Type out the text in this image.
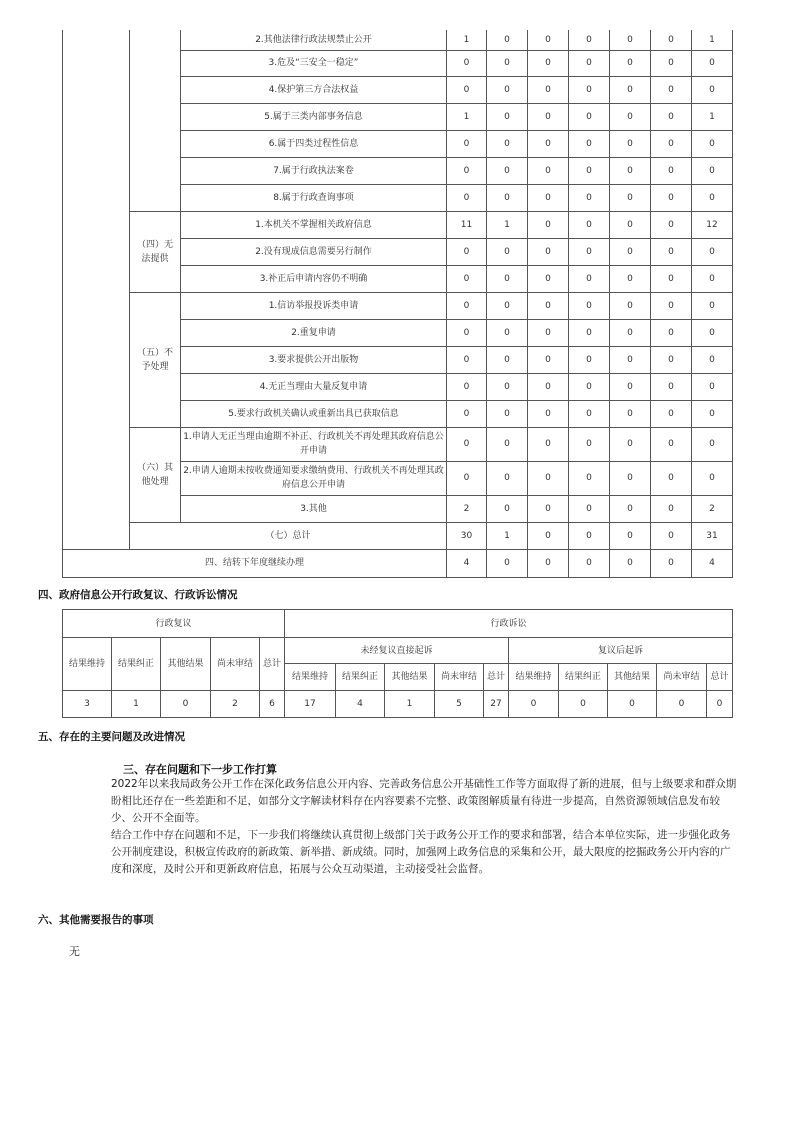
		2.其他法律行政法规禁止公开	1	0	0	0	0	0	1
		3.危及“三安全一稳定”	0	0	0	0	0	0	0
		4.保护第三方合法权益	0	0	0	0	0	0	0
		5.属于三类内部事务信息	1	0	0	0	0	0	1
		6.属于四类过程性信息	0	0	0	0	0	0	0
		7.属于行政执法案卷	0	0	0	0	0	0	0
		8.属于行政查询事项	0	0	0	0	0	0	0
	（四）无法提供	1.本机关不掌握相关政府信息	11	1	0	0	0	0	12
		2.没有现成信息需要另行制作	0	0	0	0	0	0	0
		3.补正后申请内容仍不明确	0	0	0	0	0	0	0
	（五）不予处理	1.信访举报投诉类申请	0	0	0	0	0	0	0
		2.重复申请	0	0	0	0	0	0	0
		3.要求提供公开出版物	0	0	0	0	0	0	0
		4.无正当理由大量反复申请	0	0	0	0	0	0	0
		5.要求行政机关确认或重新出具已获取信息	0	0	0	0	0	0	0
	（六）其他处理	1.申请人无正当理由逾期不补正、行政机关不再处理其政府信息公开申请	0	0	0	0	0	0	0
		2.申请人逾期未按收费通知要求缴纳费用、行政机关不再处理其政府信息公开申请	0	0	0	0	0	0	0
		3.其他	2	0	0	0	0	0	2
	（七）总计		30	1	0	0	0	0	31
四、结转下年度继续办理			4	0	0	0	0	0	4
四、政府信息公开行政复议、行政诉讼情况
行政复议					行政诉讼									
结果维持	结果纠正	其他结果	尚未审结	总计	未经复议直接起诉					复议后起诉				
					结果维持	结果纠正	其他结果	尚未审结	总计	结果维持	结果纠正	其他结果	尚未审结	总计
3	1	0	2	6	17	4	1	5	27	0	0	0	0	0
五、存在的主要问题及改进情况
三、存在问题和下一步工作打算
2022年以来我局政务公开工作在深化政务信息公开内容、完善政务信息公开基础性工作等方面取得了新的进展，但与上级要求和群众期盼相比还存在一些差距和不足，如部分文字解读材料存在内容要素不完整、政策图解质量有待进一步提高，自然资源领域信息发布较少、公开不全面等。
结合工作中存在问题和不足，下一步我们将继续认真贯彻上级部门关于政务公开工作的要求和部署，结合本单位实际，进一步强化政务公开制度建设，积极宣传政府的新政策、新举措、新成绩。同时，加强网上政务信息的采集和公开，最大限度的挖掘政务公开内容的广度和深度，及时公开和更新政府信息，拓展与公众互动渠道，主动接受社会监督。
六、其他需要报告的事项
无
